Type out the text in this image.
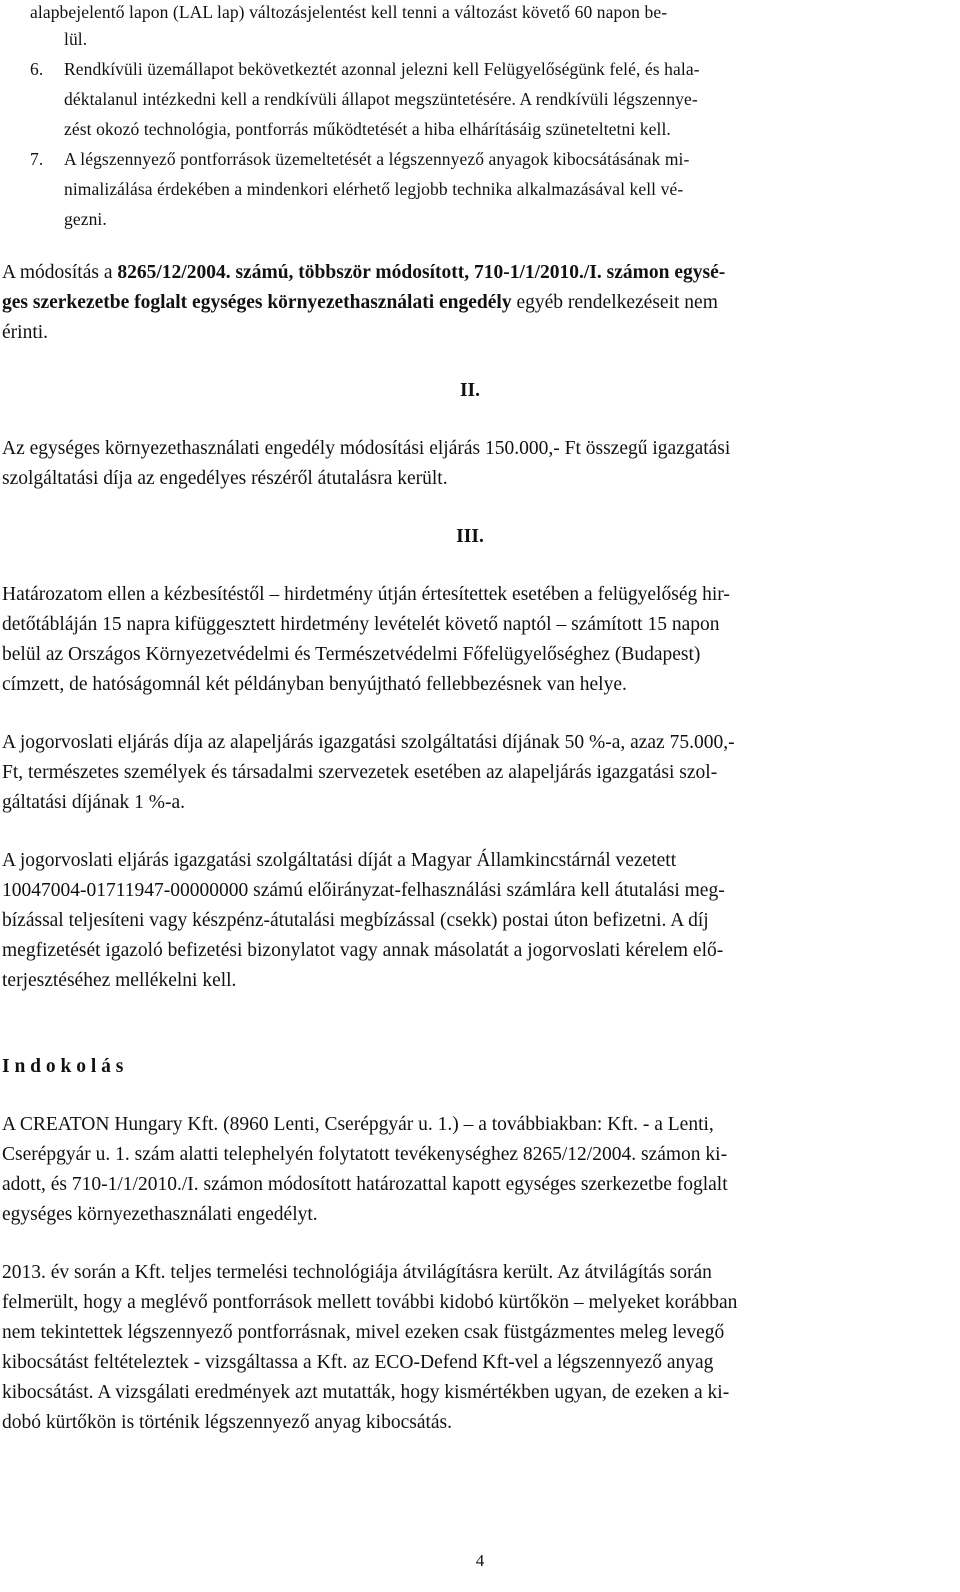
alapbejelentő lapon (LAL lap) változásjelentést kell tenni a változást követő 60 napon be-
lül.
6. Rendkívüli üzemállapot bekövetkeztét azonnal jelezni kell Felügyelőségünk felé, és hala-
déktalanul intézkedni kell a rendkívüli állapot megszüntetésére. A rendkívüli légszennye-
zést okozó technológia, pontforrás működtetését a hiba elhárításáig szüneteltetni kell.
7. A légszennyező pontforrások üzemeltetését a légszennyező anyagok kibocsátásának mi-
nimalizálása érdekében a mindenkori elérhető legjobb technika alkalmazásával kell vé-
gezni.
A módosítás a 8265/12/2004. számú, többször módosított, 710-1/1/2010./I. számon egysé-
ges szerkezetbe foglalt egységes környezethasználati engedély egyéb rendelkezéseit nem
érinti.
II.
Az egységes környezethasználati engedély módosítási eljárás 150.000,- Ft összegű igazgatási
szolgáltatási díja az engedélyes részéről átutalásra került.
III.
Határozatom ellen a kézbesítéstől – hirdetmény útján értesítettek esetében a felügyelőség hir-
detőtábláján 15 napra kifüggesztett hirdetmény levételét követő naptól – számított 15 napon
belül az Országos Környezetvédelmi és Természetvédelmi Főfelügyelőséghez (Budapest)
címzett, de hatóságomnál két példányban benyújtható fellebbezésnek van helye.
A jogorvoslati eljárás díja az alapeljárás igazgatási szolgáltatási díjának 50 %-a, azaz 75.000,-
Ft, természetes személyek és társadalmi szervezetek esetében az alapeljárás igazgatási szol-
gáltatási díjának 1 %-a.
A jogorvoslati eljárás igazgatási szolgáltatási díját a Magyar Államkincstárnál vezetett
10047004-01711947-00000000 számú előirányzat-felhasználási számlára kell átutalási meg-
bízással teljesíteni vagy készpénz-átutalási megbízással (csekk) postai úton befizetni. A díj
megfizetését igazoló befizetési bizonylatot vagy annak másolatát a jogorvoslati kérelem elő-
terjesztéséhez mellékelni kell.
I n d o k o l á s
A CREATON Hungary Kft. (8960 Lenti, Cserépgyár u. 1.) – a továbbiakban: Kft. - a Lenti,
Cserépgyár u. 1. szám alatti telephelyén folytatott tevékenységhez 8265/12/2004. számon ki-
adott, és 710-1/1/2010./I. számon módosított határozattal kapott egységes szerkezetbe foglalt
egységes környezethasználati engedélyt.
2013. év során a Kft. teljes termelési technológiája átvilágításra került. Az átvilágítás során
felmerült, hogy a meglévő pontforrások mellett további kidobó kürtőkön – melyeket korábban
nem tekintettek légszennyező pontforrásnak, mivel ezeken csak füstgázmentes meleg levegő
kibocsátást feltételeztek - vizsgáltassa a Kft. az ECO-Defend Kft-vel a légszennyező anyag
kibocsátást. A vizsgálati eredmények azt mutatták, hogy kismértékben ugyan, de ezeken a ki-
dobó kürtőkön is történik légszennyező anyag kibocsátás.
4
